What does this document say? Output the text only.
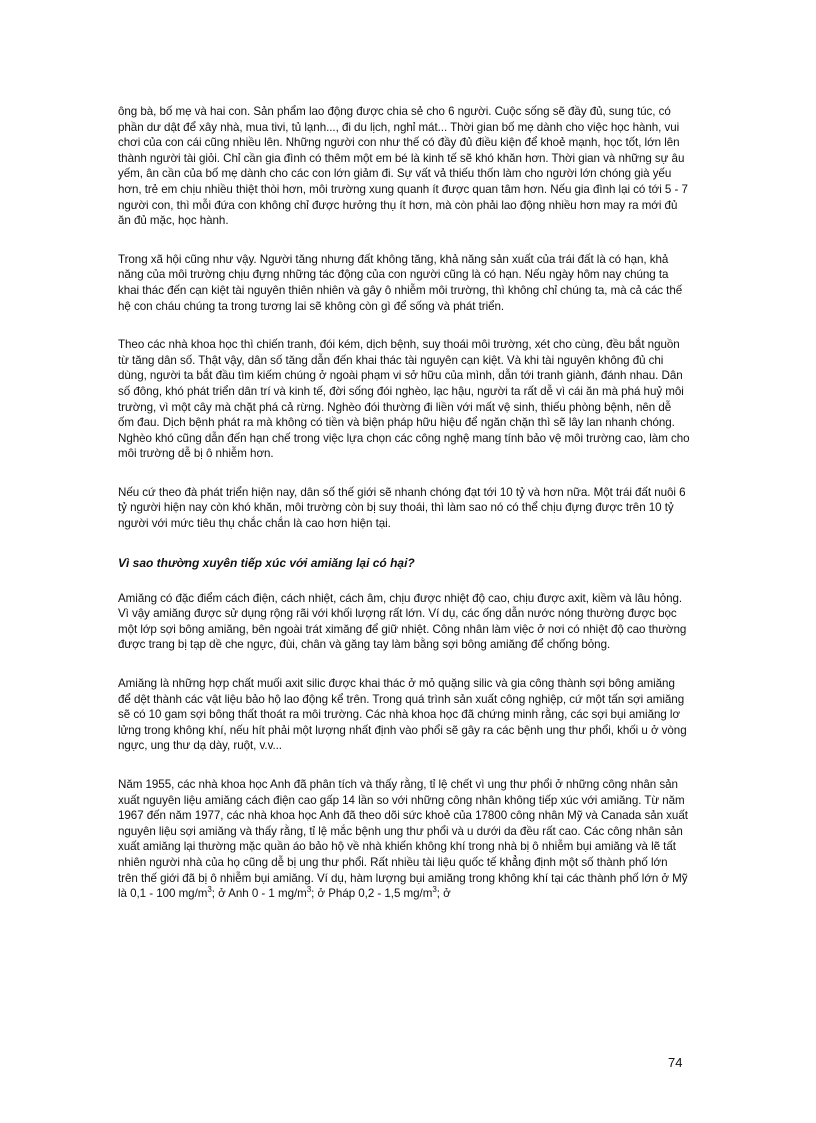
ông bà, bố mẹ và hai con. Sản phẩm lao động được chia sẻ cho 6 người. Cuộc sống sẽ đầy đủ, sung túc, có phần dư dật để xây nhà, mua tivi, tủ lạnh..., đi du lịch, nghỉ mát... Thời gian bố mẹ dành cho việc học hành, vui chơi của con cái cũng nhiều lên. Những người con như thế có đầy đủ điều kiện để khoẻ mạnh, học tốt, lớn lên thành người tài giỏi. Chỉ cần gia đình có thêm một em bé là kinh tế sẽ khó khăn hơn. Thời gian và những sự âu yếm, ân cần của bố mẹ dành cho các con lớn giảm đi. Sự vất vả thiếu thốn làm cho người lớn chóng già yếu hơn, trẻ em chịu nhiều thiệt thòi hơn, môi trường xung quanh ít được quan tâm hơn. Nếu gia đình lại có tới 5 - 7 người con, thì mỗi đứa con không chỉ được hưởng thụ ít hơn, mà còn phải lao động nhiều hơn may ra mới đủ ăn đủ mặc, học hành.

Trong xã hội cũng như vậy. Người tăng nhưng đất không tăng, khả năng sản xuất của trái đất là có hạn, khả năng của môi trường chịu đựng những tác động của con người cũng là có hạn. Nếu ngày hôm nay chúng ta khai thác đến cạn kiệt tài nguyên thiên nhiên và gây ô nhiễm môi trường, thì không chỉ chúng ta, mà cả các thế hệ con cháu chúng ta trong tương lai sẽ không còn gì để sống và phát triển.

Theo các nhà khoa học thì chiến tranh, đói kém, dịch bệnh, suy thoái môi trường, xét cho cùng, đều bắt nguồn từ tăng dân số. Thật vậy, dân số tăng dẫn đến khai thác tài nguyên cạn kiệt. Và khi tài nguyên không đủ chi dùng, người ta bắt đầu tìm kiếm chúng ở ngoài phạm vi sở hữu của mình, dẫn tới tranh giành, đánh nhau. Dân số đông, khó phát triển dân trí và kinh tế, đời sống đói nghèo, lạc hậu, người ta rất dễ vì cái ăn mà phá huỷ môi trường, vì một cây mà chặt phá cả rừng. Nghèo đói thường đi liền với mất vệ sinh, thiếu phòng bệnh, nên dễ ốm đau. Dịch bệnh phát ra mà không có tiền và biện pháp hữu hiệu để ngăn chặn thì sẽ lây lan nhanh chóng. Nghèo khó cũng dẫn đến hạn chế trong việc lựa chọn các công nghệ mang tính bảo vệ môi trường cao, làm cho môi trường dễ bị ô nhiễm hơn.

Nếu cứ theo đà phát triển hiện nay, dân số thế giới sẽ nhanh chóng đạt tới 10 tỷ và hơn nữa. Một trái đất nuôi 6 tỷ người hiện nay còn khó khăn, môi trường còn bị suy thoái, thì làm sao nó có thể chịu đựng được trên 10 tỷ người với mức tiêu thụ chắc chắn là cao hơn hiện tại.

Vì sao thường xuyên tiếp xúc với amiăng lại có hại?

Amiăng có đặc điểm cách điện, cách nhiệt, cách âm, chịu được nhiệt độ cao, chịu được axit, kiềm và lâu hỏng. Vì vậy amiăng được sử dụng rộng rãi với khối lượng rất lớn. Ví dụ, các ống dẫn nước nóng thường được bọc một lớp sợi bông amiăng, bên ngoài trát ximăng để giữ nhiệt. Công nhân làm việc ở nơi có nhiệt độ cao thường được trang bị tạp dề che ngực, đùi, chân và găng tay làm bằng sợi bông amiăng để chống bỏng.

Amiăng là những hợp chất muối axit silic được khai thác ở mỏ quặng silic và gia công thành sợi bông amiăng để dệt thành các vật liệu bảo hộ lao động kể trên. Trong quá trình sản xuất công nghiệp, cứ một tấn sợi amiăng sẽ có 10 gam sợi bông thất thoát ra môi trường. Các nhà khoa học đã chứng minh rằng, các sợi bụi amiăng lơ lửng trong không khí, nếu hít phải một lượng nhất định vào phổi sẽ gây ra các bệnh ung thư phổi, khối u ở vòng ngực, ung thư dạ dày, ruột, v.v...

Năm 1955, các nhà khoa học Anh đã phân tích và thấy rằng, tỉ lệ chết vì ung thư phổi ở những công nhân sản xuất nguyên liệu amiăng cách điện cao gấp 14 lần so với những công nhân không tiếp xúc với amiăng. Từ năm 1967 đến năm 1977, các nhà khoa học Anh đã theo dõi sức khoẻ của 17800 công nhân Mỹ và Canada sản xuất nguyên liệu sợi amiăng và thấy rằng, tỉ lệ mắc bệnh ung thư phổi và u dưới da đều rất cao. Các công nhân sản xuất amiăng lại thường mặc quần áo bảo hộ về nhà khiến không khí trong nhà bị ô nhiễm bụi amiăng và lẽ tất nhiên người nhà của họ cũng dễ bị ung thư phổi. Rất nhiều tài liệu quốc tế khẳng định một số thành phố lớn trên thế giới đã bị ô nhiễm bụi amiăng. Ví dụ, hàm lượng bụi amiăng trong không khí tại các thành phố lớn ở Mỹ là 0,1 - 100 $mg/m^3$; ở Anh 0 - 1 $mg/m^3$; ở Pháp 0,2 - 1,5 $mg/m^3$; ở

74
